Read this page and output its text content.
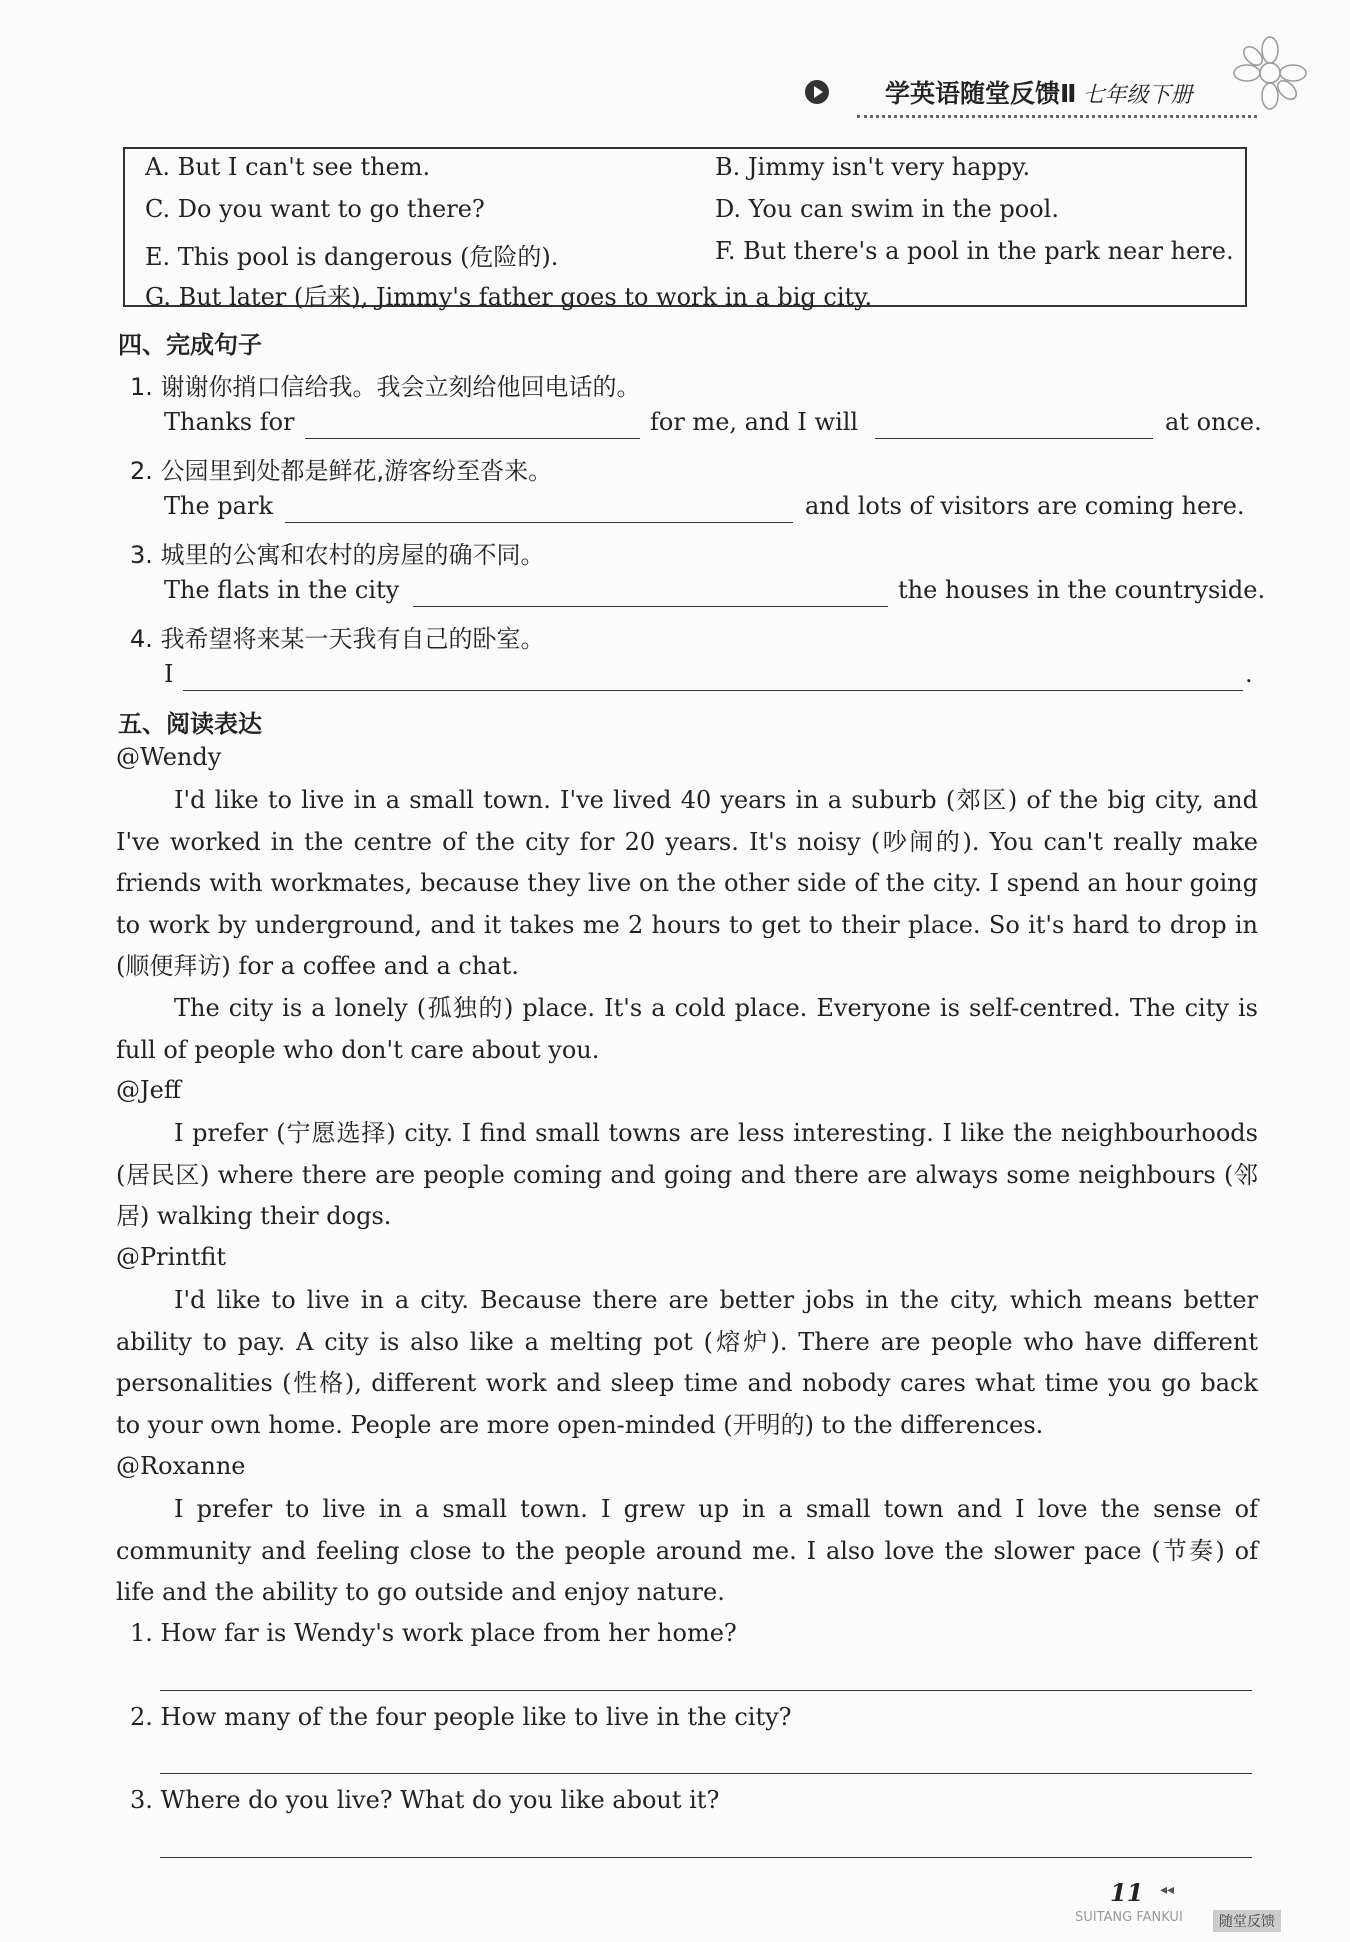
学英语随堂反馈Ⅱ 七年级下册
A. But I can't see them.	B. Jimmy isn't very happy.
C. Do you want to go there?	D. You can swim in the pool.
E. This pool is dangerous (危险的).	F. But there's a pool in the park near here.
G. But later (后来), Jimmy's father goes to work in a big city.
四、完成句子
1. 谢谢你捎口信给我。我会立刻给他回电话的。
Thanks for	for me, and I will	at once.
2. 公园里到处都是鲜花,游客纷至沓来。
The park	and lots of visitors are coming here.
3. 城里的公寓和农村的房屋的确不同。
The flats in the city	the houses in the countryside.
4. 我希望将来某一天我有自己的卧室。
I	.
五、阅读表达
@Wendy

I'd like to live in a small town. I've lived 40 years in a suburb (郊区) of the big city, and I've worked in the centre of the city for 20 years. It's noisy (吵闹的). You can't really make friends with workmates, because they live on the other side of the city. I spend an hour going to work by underground, and it takes me 2 hours to get to their place. So it's hard to drop in (顺便拜访) for a coffee and a chat.

The city is a lonely (孤独的) place. It's a cold place. Everyone is self-centred. The city is full of people who don't care about you.

@Jeff

I prefer (宁愿选择) city. I find small towns are less interesting. I like the neighbourhoods (居民区) where there are people coming and going and there are always some neighbours (邻居) walking their dogs.

@Printfit

I'd like to live in a city. Because there are better jobs in the city, which means better ability to pay. A city is also like a melting pot (熔炉). There are people who have different personalities (性格), different work and sleep time and nobody cares what time you go back to your own home. People are more open-minded (开明的) to the differences.

@Roxanne

I prefer to live in a small town. I grew up in a small town and I love the sense of community and feeling close to the people around me. I also love the slower pace (节奏) of life and the ability to go outside and enjoy nature.

1. How far is Wendy's work place from her home?
2. How many of the four people like to live in the city?
3. Where do you live? What do you like about it?
11 ◂◂
SUITANG FANKUI	随堂反馈
